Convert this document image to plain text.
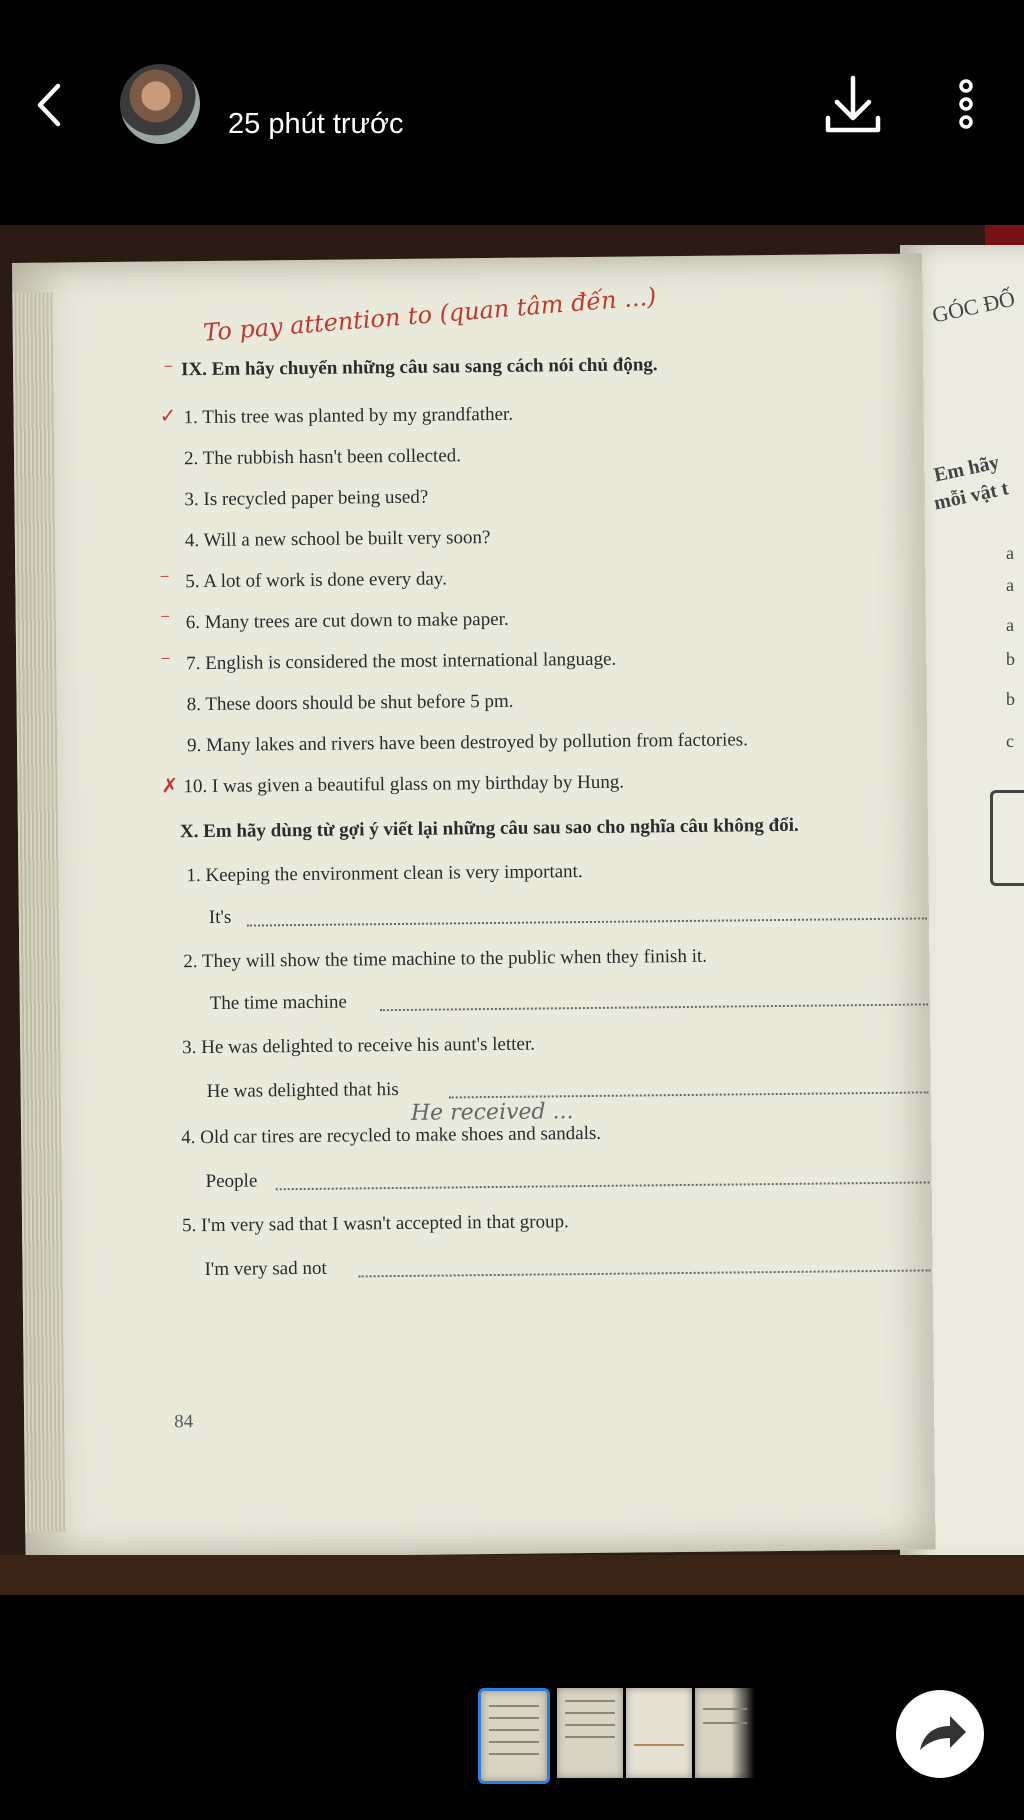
😘
25 phút trước
GÓC ĐỐ
Em hãy
mỗi vật t
a
a
a
b
b
c
To pay attention to (quan tâm đến ...)
⁻ IX. Em hãy chuyển những câu sau sang cách nói chủ động.
✓ 1. This tree was planted by my grandfather.
2. The rubbish hasn't been collected.
3. Is recycled paper being used?
4. Will a new school be built very soon?
⁻ 5. A lot of work is done every day.
⁻ 6. Many trees are cut down to make paper.
⁻ 7. English is considered the most international language.
8. These doors should be shut before 5 pm.
9. Many lakes and rivers have been destroyed by pollution from factories.
✗ 10. I was given a beautiful glass on my birthday by Hung.
X. Em hãy dùng từ gợi ý viết lại những câu sau sao cho nghĩa câu không đổi.
1. Keeping the environment clean is very important.
It's
2. They will show the time machine to the public when they finish it.
The time machine
3. He was delighted to receive his aunt's letter.
He was delighted that his
He received ...
4. Old car tires are recycled to make shoes and sandals.
People
5. I'm very sad that I wasn't accepted in that group.
I'm very sad not
84
